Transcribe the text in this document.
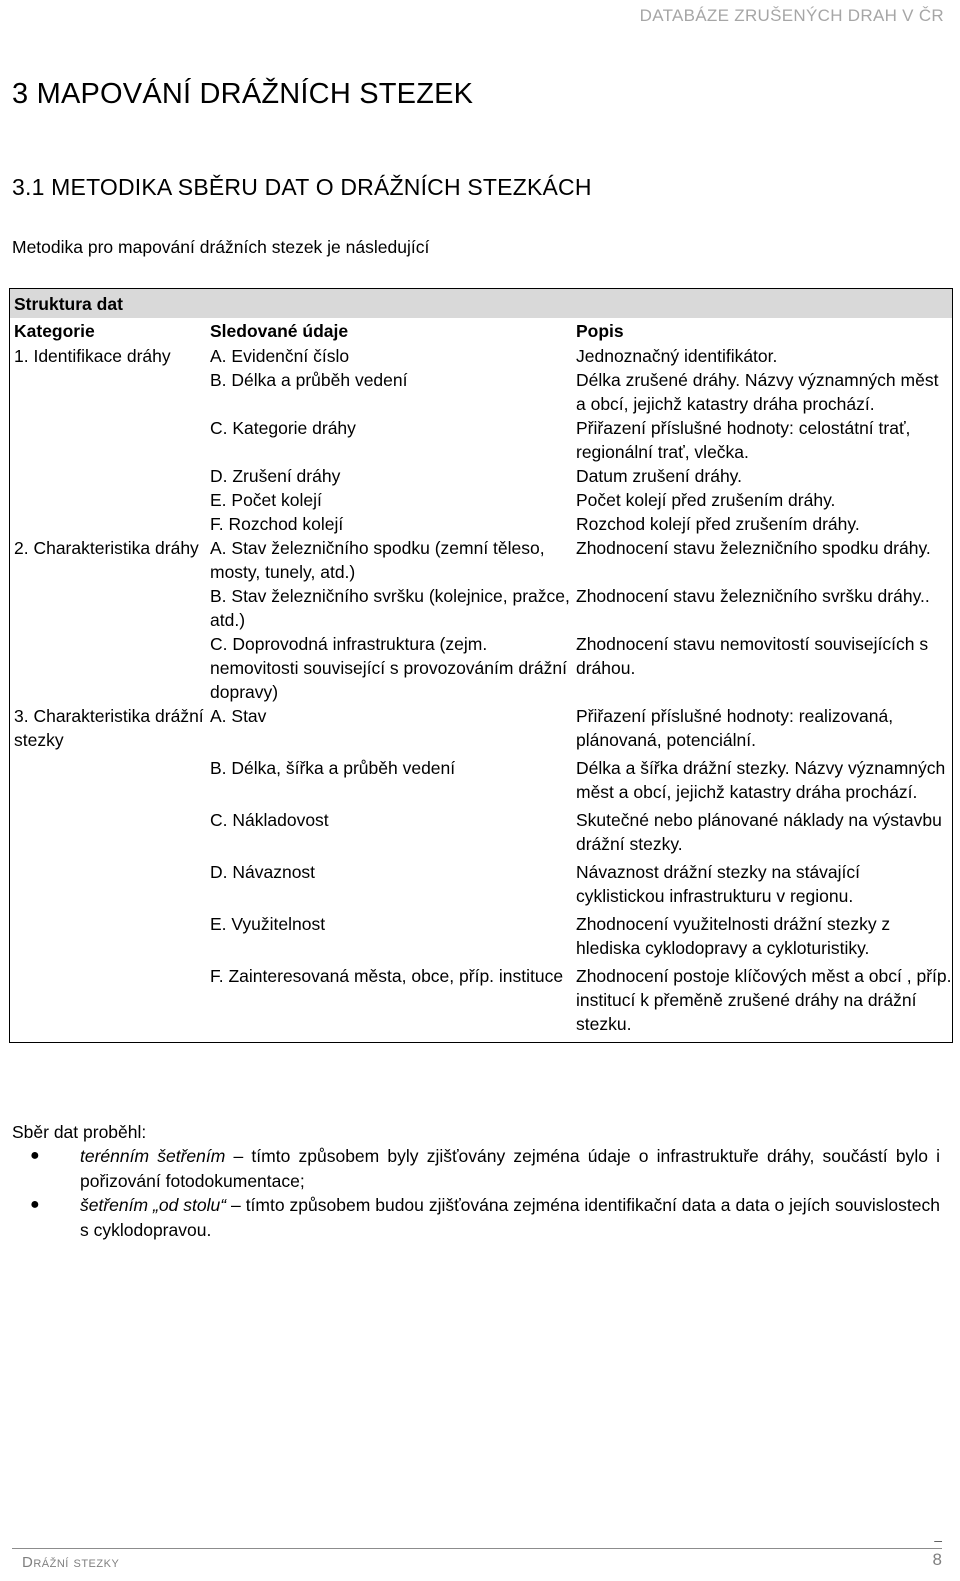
DATABÁZE ZRUŠENÝCH DRAH V ČR
3 MAPOVÁNÍ DRÁŽNÍCH STEZEK
3.1 METODIKA SBĚRU DAT O DRÁŽNÍCH STEZKÁCH

Metodika pro mapování drážních stezek je následující

Struktura dat		
Kategorie	Sledované údaje	Popis
1. Identifikace dráhy	A. Evidenční číslo	Jednoznačný identifikátor.
	B. Délka a průběh vedení	Délka zrušené dráhy. Názvy významných měst a obcí, jejichž katastry dráha prochází.
	C. Kategorie dráhy	Přiřazení příslušné hodnoty: celostátní trať, regionální trať, vlečka.
	D. Zrušení dráhy	Datum zrušení dráhy.
	E. Počet kolejí	Počet kolejí před zrušením dráhy.
	F. Rozchod kolejí	Rozchod kolejí před zrušením dráhy.
2. Charakteristika dráhy	A. Stav železničního spodku (zemní těleso, mosty, tunely, atd.)	Zhodnocení stavu železničního spodku dráhy.
	B. Stav železničního svršku (kolejnice, pražce, atd.)	Zhodnocení stavu železničního svršku dráhy..
	C. Doprovodná infrastruktura (zejm. nemovitosti související s provozováním drážní dopravy)	Zhodnocení stavu nemovitostí souvisejících s dráhou.
3. Charakteristika drážní stezky	A. Stav	Přiřazení příslušné hodnoty: realizovaná, plánovaná, potenciální.
	B. Délka, šířka a průběh vedení	Délka a šířka drážní stezky. Názvy významných měst a obcí, jejichž katastry dráha prochází.
	C. Nákladovost	Skutečné nebo plánované náklady na výstavbu drážní stezky.
	D. Návaznost	Návaznost drážní stezky na stávající cyklistickou infrastrukturu v regionu.
	E. Využitelnost	Zhodnocení využitelnosti drážní stezky z hlediska cyklodopravy a cykloturistiky.
	F. Zainteresovaná města, obce, příp. instituce	Zhodnocení postoje klíčových měst a obcí , příp. institucí k přeměně zrušené dráhy na drážní stezku.

Sběr dat proběhl:

● terénním šetřením – tímto způsobem byly zjišťovány zejména údaje o infrastruktuře dráhy, součástí bylo i pořizování fotodokumentace;
● šetřením „od stolu“ – tímto způsobem budou zjišťována zejména identifikační data a data o jejích souvislostech s cyklodopravou.
–
Drážní stezky	8
